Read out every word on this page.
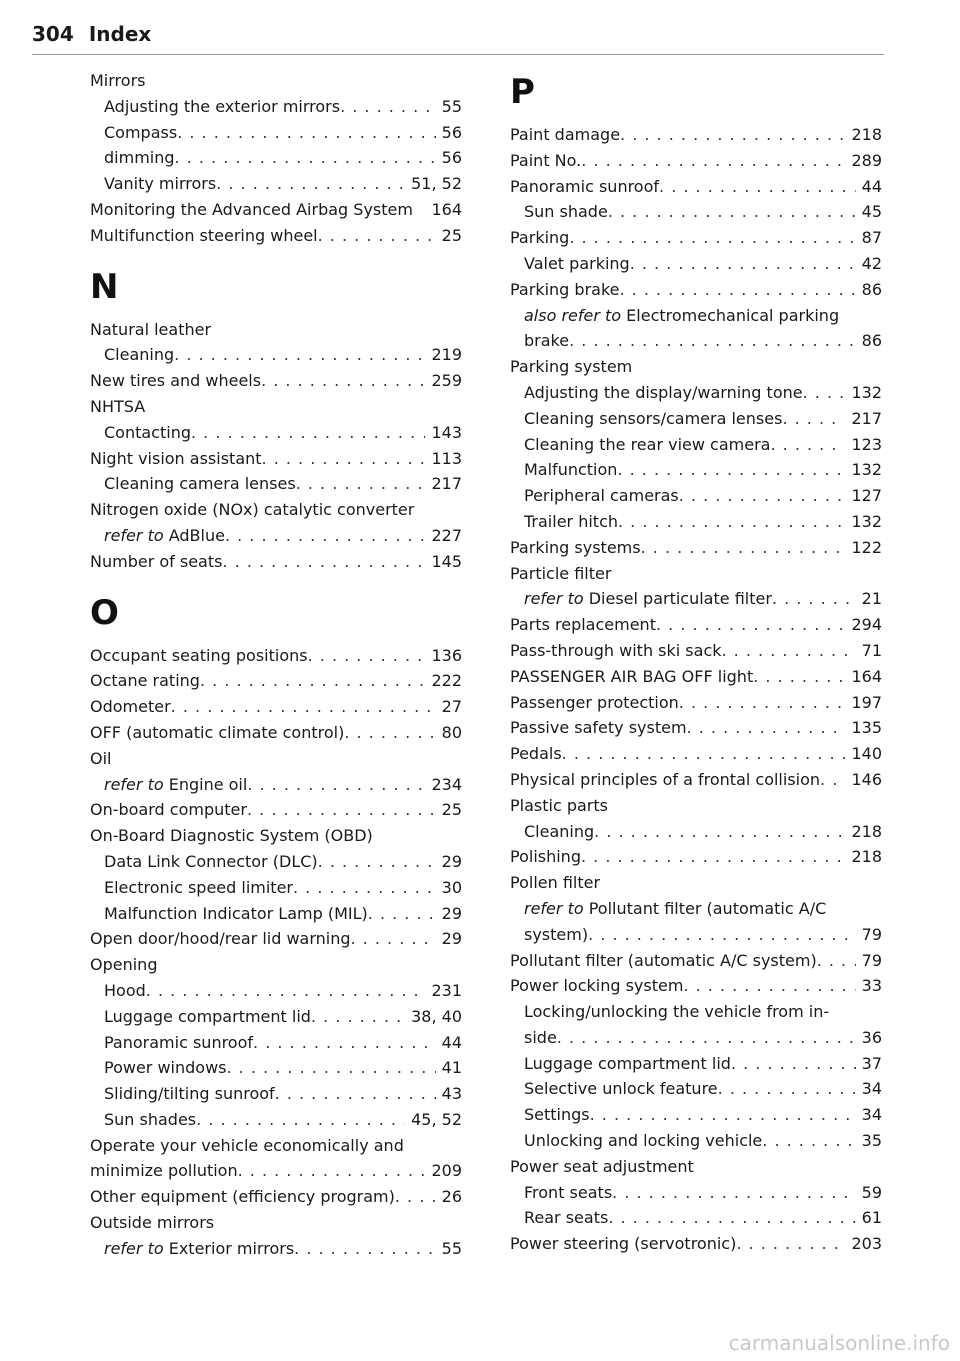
304 Index
Mirrors
Adjusting the exterior mirrors	55
. . .
Compass	56
. . .
dimming	56
. . .
Vanity mirrors	51, 52
. . .
Monitoring the Advanced Airbag System	164
Multifunction steering wheel	25
. . .
N
Natural leather
Cleaning	219
. . .
New tires and wheels	259
. . .
NHTSA
Contacting	143
. . .
Night vision assistant	113
. . .
Cleaning camera lenses	217
. . .
Nitrogen oxide (NOx) catalytic converter
refer to AdBlue	227
. . .
Number of seats	145
. . .
O
Occupant seating positions	136
. . .
Octane rating	222
. . .
Odometer	27
. . .
OFF (automatic climate control)	80
. . .
Oil
refer to Engine oil	234
. . .
On-board computer	25
. . .
On-Board Diagnostic System (OBD)
Data Link Connector (DLC)	29
. . .
Electronic speed limiter	30
. . .
Malfunction Indicator Lamp (MIL)	29
. . .
Open door/hood/rear lid warning	29
. . .
Opening
Hood	231
. . .
Luggage compartment lid	38, 40
. . .
Panoramic sunroof	44
. . .
Power windows	41
. . .
Sliding/tilting sunroof	43
. . .
Sun shades	45, 52
. . .
Operate your vehicle economically and
minimize pollution	209
. . .
Other equipment (efficiency program)	26
. . .
Outside mirrors
refer to Exterior mirrors	55
. . .
P
Paint damage	218
. . .
Paint No.	289
. . .
Panoramic sunroof	44
. . .
Sun shade	45
. . .
Parking	87
. . .
Valet parking	42
. . .
Parking brake	86
. . .
also refer to Electromechanical parking
brake	86
. . .
Parking system
Adjusting the display/warning tone	132
. . .
Cleaning sensors/camera lenses	217
. . .
Cleaning the rear view camera	123
. . .
Malfunction	132
. . .
Peripheral cameras	127
. . .
Trailer hitch	132
. . .
Parking systems	122
. . .
Particle filter
refer to Diesel particulate filter	21
. . .
Parts replacement	294
. . .
Pass-through with ski sack	71
. . .
PASSENGER AIR BAG OFF light	164
. . .
Passenger protection	197
. . .
Passive safety system	135
. . .
Pedals	140
. . .
Physical principles of a frontal collision	146
. . .
Plastic parts
Cleaning	218
. . .
Polishing	218
. . .
Pollen filter
refer to Pollutant filter (automatic A/C
system)	79
. . .
Pollutant filter (automatic A/C system)	79
. . .
Power locking system	33
. . .
Locking/unlocking the vehicle from in-
side	36
. . .
Luggage compartment lid	37
. . .
Selective unlock feature	34
. . .
Settings	34
. . .
Unlocking and locking vehicle	35
. . .
Power seat adjustment
Front seats	59
. . .
Rear seats	61
. . .
Power steering (servotronic)	203
. . .
carmanualsonline.info
